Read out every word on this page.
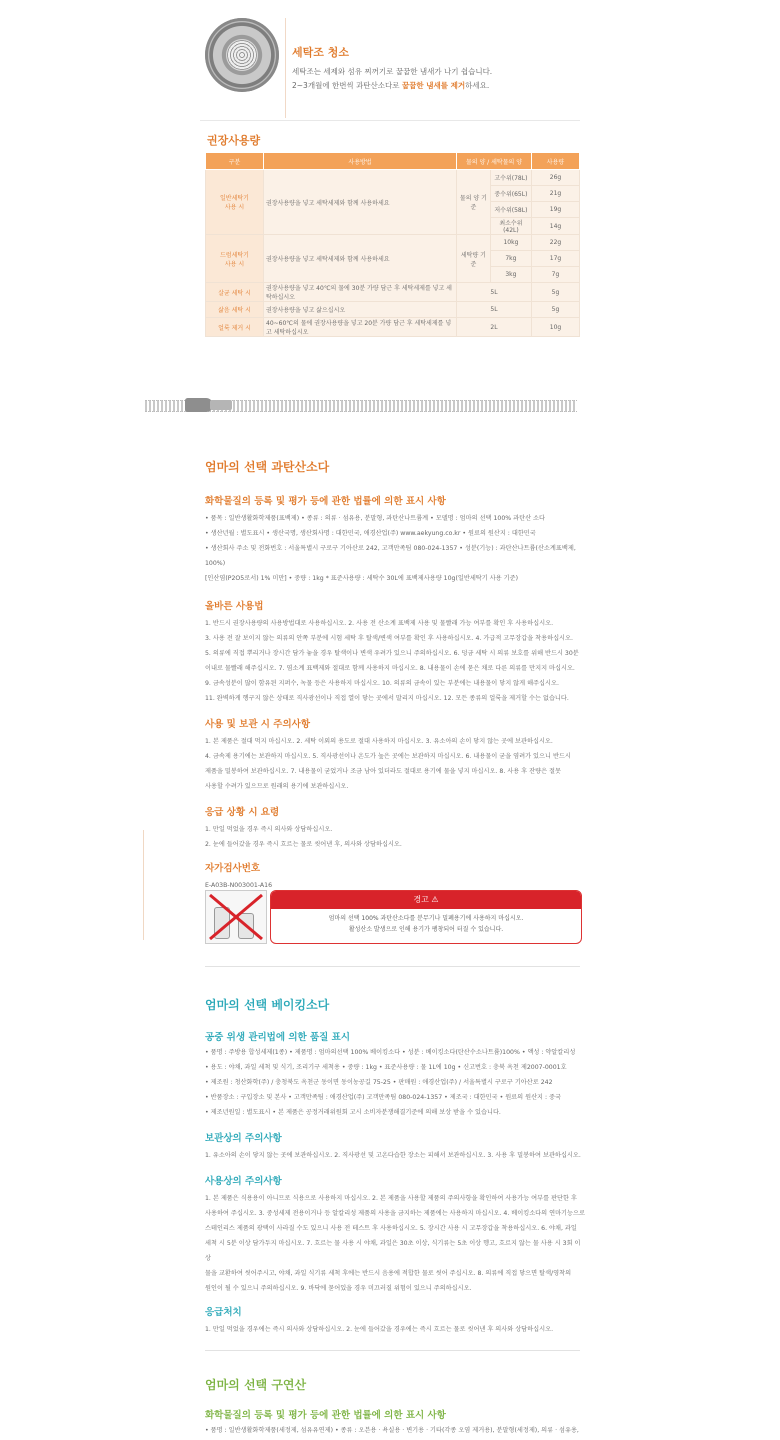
세탁조 청소
세탁조는 세제와 섬유 찌꺼기로 꿉꿉한 냄새가 나기 쉽습니다.
2~3개월에 한번씩 과탄산소다로 꿉꿉한 냄새를 제거하세요.
권장사용량
구분	사용방법	물의 양 / 세탁물의 양		사용량
일반세탁기
사용 시	권장사용량을 넣고 세탁세제와 함께 사용하세요	물의 양 기준	고수위(78L)	26g
			중수위(65L)	21g
			저수위(58L)	19g
			최소수위(42L)	14g
드럼세탁기
사용 시	권장사용량을 넣고 세탁세제와 함께 사용하세요	세탁량 기준	10kg	22g
			7kg	17g
			3kg	7g
살균 세탁 시	권장사용량을 넣고 40℃의 물에 30분 가량 담근 후 세탁세제를 넣고 세탁하십시오	5L		5g
삶음 세탁 시	권장사용량을 넣고 삶으십시오	5L		5g
얼룩 제거 시	40~60℃의 물에 권장사용량을 넣고 20분 가량 담근 후 세탁세제를 넣고 세탁하십시오	2L		10g
엄마의 선택 과탄산소다
화학물질의 등록 및 평가 등에 관한 법률에 의한 표시 사항
• 품목 : 일반생활화학제품(표백제) • 종류 : 의류 · 섬유용, 분말형, 과탄산나트륨계 • 모델명 : 엄마의 선택 100% 과탄산 소다
• 생산년월 : 별도표시 • 생산국명, 생산회사명 : 대한민국, 애경산업(주) www.aekyung.co.kr • 원료의 원산지 : 대한민국
• 생산회사 주소 및 전화번호 : 서울특별시 구로구 기아산로 242, 고객만족팀 080-024-1357 • 성분(기능) : 과탄산나트륨(산소계표백제, 100%)
[인산염(P2O5로서) 1% 미만] • 중량 : 1kg * 표준사용량 : 세탁수 30L에 표백제사용량 10g(일반세탁기 사용 기준)
올바른 사용법
1. 반드시 권장사용량의 사용방법대로 사용하십시오. 2. 사용 전 산소계 표백제 사용 및 물빨래 가능 여부를 확인 후 사용하십시오.
3. 사용 전 잘 보이지 않는 의류의 안쪽 부분에 시험 세탁 후 탈색/변색 여부를 확인 후 사용하십시오. 4. 가급적 고무장갑을 착용하십시오.
5. 의류에 직접 뿌리거나 장시간 담가 놓을 경우 탈색이나 변색 우려가 있으니 주의하십시오. 6. 덩금 세탁 시 의류 보호를 위해 반드시 30분
이내로 물빨래 해주십시오. 7. 염소계 표백제와 절대로 함께 사용하지 마십시오. 8. 내용물이 손에 묻은 채로 다른 의류를 만지지 마십시오.
9. 금속성분이 많이 함유된 지퍼수, 녹물 등은 사용하지 마십시오. 10. 의류의 금속이 있는 부분에는 내용물이 닿지 않게 해주십시오.
11. 완벽하게 헹구지 않은 상태로 직사광선이나 직접 열이 닿는 곳에서 말리지 마십시오. 12. 모든 종류의 얼룩을 제거할 수는 없습니다.
사용 및 보관 시 주의사항
1. 본 제품은 절대 먹지 마십시오. 2. 세탁 이외의 용도로 절대 사용하지 마십시오. 3. 유소아의 손이 닿지 않는 곳에 보관하십시오.
4. 금속제 용기에는 보관하지 마십시오. 5. 직사광선이나 온도가 높은 곳에는 보관하지 마십시오. 6. 내용물이 굳을 염려가 있으니 반드시
제품을 밀봉하여 보관하십시오. 7. 내용물이 굳었거나 조금 남아 있더라도 절대로 용기에 물을 넣지 마십시오. 8. 사용 후 잔량은 절못
사용할 수려가 있으므로 원래의 용기에 보관하십시오.
응급 상황 시 요령
1. 만일 먹었을 경우 즉시 의사와 상담하십시오.
2. 눈에 들어갔을 경우 즉시 흐르는 물로 씻어낸 후, 의사와 상담하십시오.
자가검사번호
E-A03B-N003001-A16
경고 ⚠
엄마의 선택 100% 과탄산소다를 분무기나 밀폐용기에 사용하지 마십시오.
활성산소 발생으로 인해 용기가 팽창되어 터질 수 있습니다.
엄마의 선택 베이킹소다
공중 위생 관리법에 의한 품질 표시
• 품명 : 주방용 합성세제(1종) • 제품명 : 엄마의선택 100% 베이킹소다 • 성분 : 베이킹소다(탄산수소나트륨)100% • 액성 : 약알칼리성
• 용도 : 야채, 과일 세척 및 식기, 조리기구 세척용 • 중량 : 1kg • 표준사용량 : 물 1L에 10g • 신고번호 : 충북 옥천 제2007-0001호
• 제조원 : 청산화학(주) / 충청북도 옥천군 동이면 동이농공길 75-25 • 판매원 : 애경산업(주) / 서울특별시 구로구 기아산로 242
• 반품장소 : 구입장소 및 본사 • 고객만족팀 : 애경산업(주) 고객만족팀 080-024-1357 • 제조국 : 대한민국 • 원료의 원산지 : 중국
• 제조년원일 : 별도표시 • 본 제품은 공정거래위원회 고시 소비자분쟁해결기준에 의해 보상 받을 수 있습니다.
보관상의 주의사항
1. 유소아의 손이 닿지 않는 곳에 보관하십시오. 2. 직사광선 및 고온다습한 장소는 피해서 보관하십시오. 3. 사용 후 밀봉하여 보관하십시오.
사용상의 주의사항
1. 본 제품은 식용용이 아니므로 식용으로 사용하지 마십시오. 2. 본 제품을 사용할 제품의 주의사항을 확인하여 사용가능 여부를 판단한 후
사용하여 주십시오. 3. 중성세제 전용이거나 등 알칼리성 제품의 사용을 금지하는 제품에는 사용하지 마십시오. 4. 베이킹소다의 연마기능으로
스테인리스 제품의 광택이 사라질 수도 있으니 사용 전 테스트 후 사용하십시오. 5. 장시간 사용 시 고무장갑을 착용하십시오. 6. 야채, 과일
세척 시 5분 이상 담가두지 마십시오. 7. 흐르는 물 사용 시 야채, 과일은 30초 이상, 식기류는 5초 이상 헹고, 흐르지 않는 물 사용 시 3회 이상
물을 교환하여 씻어주시고, 야채, 과일 식기류 세척 후에는 반드시 음용에 적합한 물로 씻어 주십시오. 8. 의류에 직접 닿으면 탈색/영착의
원인이 될 수 있으니 주의하십시오. 9. 바닥에 묻어있을 경우 미끄러질 위험이 있으니 주의하십시오.
응급처치
1. 만일 먹었을 경우에는 즉시 의사와 상담하십시오. 2. 눈에 들어갔을 경우에는 즉시 흐르는 물로 씻어낸 후 의사와 상담하십시오.
엄마의 선택 구연산
화학물질의 등록 및 평가 등에 관한 법률에 의한 표시 사항
• 품명 : 일반생활화학제품(세정제, 섬유유연제) • 종류 : 오븐용 · 욕실용 · 변기용 · 기타(각종 오염 제거용), 분말형(세정제), 의류 · 섬유용,
